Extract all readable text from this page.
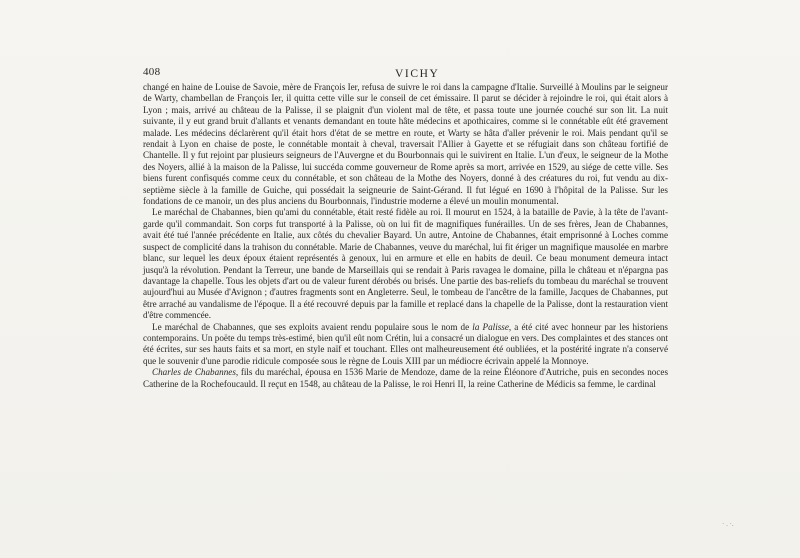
408	VICHY

changé en haine de Louise de Savoie, mère de François Ier, refusa de suivre le roi dans la campagne d'Italie. Surveillé à Moulins par le seigneur de Warty, chambellan de François Ier, il quitta cette ville sur le conseil de cet émissaire. Il parut se décider à rejoindre le roi, qui était alors à Lyon ; mais, arrivé au château de la Palisse, il se plaignit d'un violent mal de tête, et passa toute une journée couché sur son lit. La nuit suivante, il y eut grand bruit d'allants et venants demandant en toute hâte médecins et apothicaires, comme si le connétable eût été gravement malade. Les médecins déclarèrent qu'il était hors d'état de se mettre en route, et Warty se hâta d'aller prévenir le roi. Mais pendant qu'il se rendait à Lyon en chaise de poste, le connétable montait à cheval, traversait l'Allier à Gayette et se réfugiait dans son château fortifié de Chantelle. Il y fut rejoint par plusieurs seigneurs de l'Auvergne et du Bourbonnais qui le suivirent en Italie. L'un d'eux, le seigneur de la Mothe des Noyers, allié à la maison de la Palisse, lui succéda comme gouverneur de Rome après sa mort, arrivée en 1529, au siége de cette ville. Ses biens furent confisqués comme ceux du connétable, et son château de la Mothe des Noyers, donné à des créatures du roi, fut vendu au dix-septième siècle à la famille de Guiche, qui possédait la seigneurie de Saint-Gérand. Il fut légué en 1690 à l'hôpital de la Palisse. Sur les fondations de ce manoir, un des plus anciens du Bourbonnais, l'industrie moderne a élevé un moulin monumental.

Le maréchal de Chabannes, bien qu'ami du connétable, était resté fidèle au roi. Il mourut en 1524, à la bataille de Pavie, à la tête de l'avant-garde qu'il commandait. Son corps fut transporté à la Palisse, où on lui fit de magnifiques funérailles. Un de ses frères, Jean de Chabannes, avait été tué l'année précédente en Italie, aux côtés du chevalier Bayard. Un autre, Antoine de Chabannes, était emprisonné à Loches comme suspect de complicité dans la trahison du connétable. Marie de Chabannes, veuve du maréchal, lui fit ériger un magnifique mausolée en marbre blanc, sur lequel les deux époux étaient représentés à genoux, lui en armure et elle en habits de deuil. Ce beau monument demeura intact jusqu'à la révolution. Pendant la Terreur, une bande de Marseillais qui se rendait à Paris ravagea le domaine, pilla le château et n'épargna pas davantage la chapelle. Tous les objets d'art ou de valeur furent dérobés ou brisés. Une partie des bas-reliefs du tombeau du maréchal se trouvent aujourd'hui au Musée d'Avignon ; d'autres fragments sont en Angleterre. Seul, le tombeau de l'ancêtre de la famille, Jacques de Chabannes, put être arraché au vandalisme de l'époque. Il a été recouvré depuis par la famille et replacé dans la chapelle de la Palisse, dont la restauration vient d'être commencée.

Le maréchal de Chabannes, que ses exploits avaient rendu populaire sous le nom de la Palisse, a été cité avec honneur par les historiens contemporains. Un poëte du temps très-estimé, bien qu'il eût nom Crétin, lui a consacré un dialogue en vers. Des complaintes et des stances ont été écrites, sur ses hauts faits et sa mort, en style naïf et touchant. Elles ont malheureusement été oubliées, et la postérité ingrate n'a conservé que le souvenir d'une parodie ridicule composée sous le règne de Louis XIII par un médiocre écrivain appelé la Monnoye.

Charles de Chabannes, fils du maréchal, épousa en 1536 Marie de Mendoze, dame de la reine Éléonore d'Autriche, puis en secondes noces Catherine de la Rochefoucauld. Il reçut en 1548, au château de la Palisse, le roi Henri II, la reine Catherine de Médicis sa femme, le cardinal

· . ·.
